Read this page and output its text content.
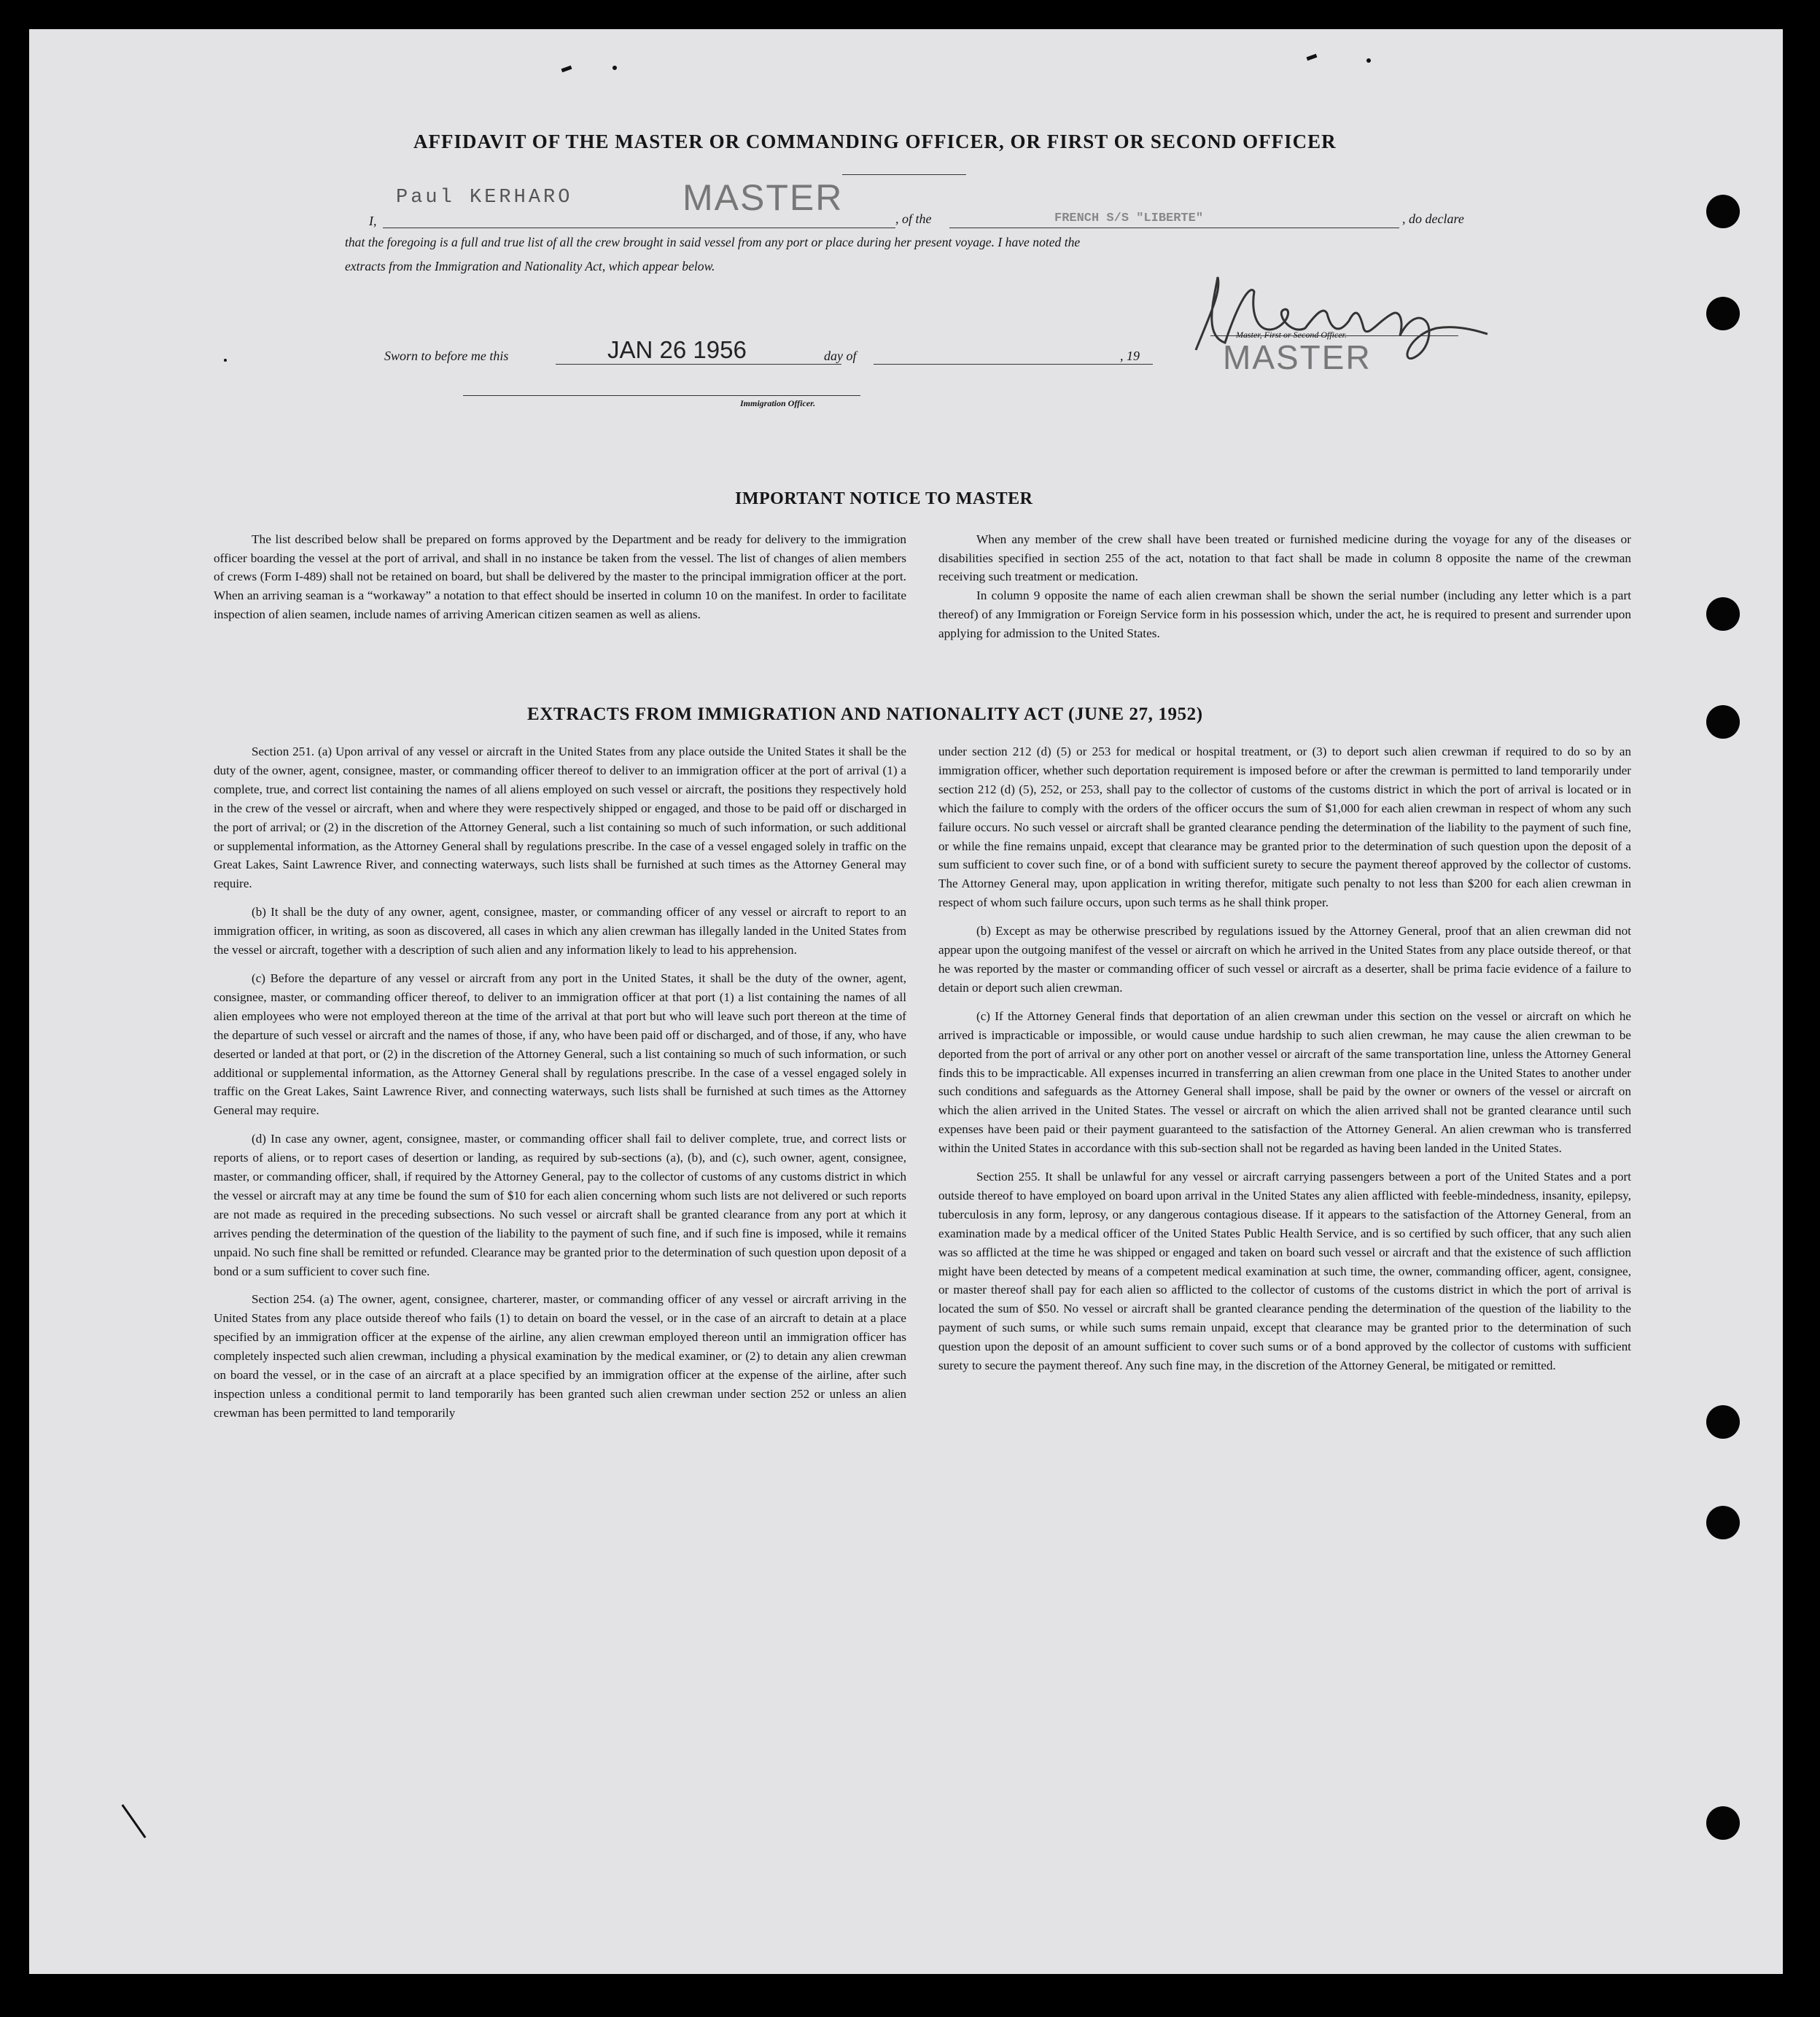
AFFIDAVIT OF THE MASTER OR COMMANDING OFFICER, OR FIRST OR SECOND OFFICER
I,
Paul KERHARO	MASTER
, of the	FRENCH S/S "LIBERTE"	, do declare
that the foregoing is a full and true list of all the crew brought in said vessel from any port or place during her present voyage. I have noted the
extracts from the Immigration and Nationality Act, which appear below.
Master, First or Second Officer.
MASTER
Sworn to before me this	JAN 26 1956	day of	, 19
Immigration Officer.
IMPORTANT NOTICE TO MASTER

The list described below shall be prepared on forms approved by the Department and be ready for delivery to the immigration officer boarding the vessel at the port of arrival, and shall in no instance be taken from the vessel. The list of changes of alien members of crews (Form I-489) shall not be retained on board, but shall be delivered by the master to the principal immigration officer at the port. When an arriving seaman is a “workaway” a notation to that effect should be inserted in column 10 on the manifest. In order to facilitate inspection of alien seamen, include names of arriving American citizen seamen as well as aliens.

When any member of the crew shall have been treated or furnished medicine during the voyage for any of the diseases or disabilities specified in section 255 of the act, notation to that fact shall be made in column 8 opposite the name of the crewman receiving such treatment or medication.

In column 9 opposite the name of each alien crewman shall be shown the serial number (including any letter which is a part thereof) of any Immigration or Foreign Service form in his possession which, under the act, he is required to present and surrender upon applying for admission to the United States.

EXTRACTS FROM IMMIGRATION AND NATIONALITY ACT (JUNE 27, 1952)

Section 251. (a) Upon arrival of any vessel or aircraft in the United States from any place outside the United States it shall be the duty of the owner, agent, consignee, master, or commanding officer thereof to deliver to an immigration officer at the port of arrival (1) a complete, true, and correct list containing the names of all aliens employed on such vessel or aircraft, the positions they respectively hold in the crew of the vessel or aircraft, when and where they were respectively shipped or engaged, and those to be paid off or discharged in the port of arrival; or (2) in the discretion of the Attorney General, such a list containing so much of such information, or such additional or supplemental information, as the Attorney General shall by regulations prescribe. In the case of a vessel engaged solely in traffic on the Great Lakes, Saint Lawrence River, and connecting waterways, such lists shall be furnished at such times as the Attorney General may require.

(b) It shall be the duty of any owner, agent, consignee, master, or commanding officer of any vessel or aircraft to report to an immigration officer, in writing, as soon as discovered, all cases in which any alien crewman has illegally landed in the United States from the vessel or aircraft, together with a description of such alien and any information likely to lead to his apprehension.

(c) Before the departure of any vessel or aircraft from any port in the United States, it shall be the duty of the owner, agent, consignee, master, or commanding officer thereof, to deliver to an immigration officer at that port (1) a list containing the names of all alien employees who were not employed thereon at the time of the arrival at that port but who will leave such port thereon at the time of the departure of such vessel or aircraft and the names of those, if any, who have been paid off or discharged, and of those, if any, who have deserted or landed at that port, or (2) in the discretion of the Attorney General, such a list containing so much of such information, or such additional or supplemental information, as the Attorney General shall by regulations prescribe. In the case of a vessel engaged solely in traffic on the Great Lakes, Saint Lawrence River, and connecting waterways, such lists shall be furnished at such times as the Attorney General may require.

(d) In case any owner, agent, consignee, master, or commanding officer shall fail to deliver complete, true, and correct lists or reports of aliens, or to report cases of desertion or landing, as required by sub-sections (a), (b), and (c), such owner, agent, consignee, master, or commanding officer, shall, if required by the Attorney General, pay to the collector of customs of any customs district in which the vessel or aircraft may at any time be found the sum of $10 for each alien concerning whom such lists are not delivered or such reports are not made as required in the preceding subsections. No such vessel or aircraft shall be granted clearance from any port at which it arrives pending the determination of the question of the liability to the payment of such fine, and if such fine is imposed, while it remains unpaid. No such fine shall be remitted or refunded. Clearance may be granted prior to the determination of such question upon deposit of a bond or a sum sufficient to cover such fine.

Section 254. (a) The owner, agent, consignee, charterer, master, or commanding officer of any vessel or aircraft arriving in the United States from any place outside thereof who fails (1) to detain on board the vessel, or in the case of an aircraft to detain at a place specified by an immigration officer at the expense of the airline, any alien crewman employed thereon until an immigration officer has completely inspected such alien crewman, including a physical examination by the medical examiner, or (2) to detain any alien crewman on board the vessel, or in the case of an aircraft at a place specified by an immigration officer at the expense of the airline, after such inspection unless a conditional permit to land temporarily has been granted such alien crewman under section 252 or unless an alien crewman has been permitted to land temporarily

under section 212 (d) (5) or 253 for medical or hospital treatment, or (3) to deport such alien crewman if required to do so by an immigration officer, whether such deportation requirement is imposed before or after the crewman is permitted to land temporarily under section 212 (d) (5), 252, or 253, shall pay to the collector of customs of the customs district in which the port of arrival is located or in which the failure to comply with the orders of the officer occurs the sum of $1,000 for each alien crewman in respect of whom any such failure occurs. No such vessel or aircraft shall be granted clearance pending the determination of the liability to the payment of such fine, or while the fine remains unpaid, except that clearance may be granted prior to the determination of such question upon the deposit of a sum sufficient to cover such fine, or of a bond with sufficient surety to secure the payment thereof approved by the collector of customs. The Attorney General may, upon application in writing therefor, mitigate such penalty to not less than $200 for each alien crewman in respect of whom such failure occurs, upon such terms as he shall think proper.

(b) Except as may be otherwise prescribed by regulations issued by the Attorney General, proof that an alien crewman did not appear upon the outgoing manifest of the vessel or aircraft on which he arrived in the United States from any place outside thereof, or that he was reported by the master or commanding officer of such vessel or aircraft as a deserter, shall be prima facie evidence of a failure to detain or deport such alien crewman.

(c) If the Attorney General finds that deportation of an alien crewman under this section on the vessel or aircraft on which he arrived is impracticable or impossible, or would cause undue hardship to such alien crewman, he may cause the alien crewman to be deported from the port of arrival or any other port on another vessel or aircraft of the same transportation line, unless the Attorney General finds this to be impracticable. All expenses incurred in transferring an alien crewman from one place in the United States to another under such conditions and safeguards as the Attorney General shall impose, shall be paid by the owner or owners of the vessel or aircraft on which the alien arrived in the United States. The vessel or aircraft on which the alien arrived shall not be granted clearance until such expenses have been paid or their payment guaranteed to the satisfaction of the Attorney General. An alien crewman who is transferred within the United States in accordance with this sub-section shall not be regarded as having been landed in the United States.

Section 255. It shall be unlawful for any vessel or aircraft carrying passengers between a port of the United States and a port outside thereof to have employed on board upon arrival in the United States any alien afflicted with feeble-mindedness, insanity, epilepsy, tuberculosis in any form, leprosy, or any dangerous contagious disease. If it appears to the satisfaction of the Attorney General, from an examination made by a medical officer of the United States Public Health Service, and is so certified by such officer, that any such alien was so afflicted at the time he was shipped or engaged and taken on board such vessel or aircraft and that the existence of such affliction might have been detected by means of a competent medical examination at such time, the owner, commanding officer, agent, consignee, or master thereof shall pay for each alien so afflicted to the collector of customs of the customs district in which the port of arrival is located the sum of $50. No vessel or aircraft shall be granted clearance pending the determination of the question of the liability to the payment of such sums, or while such sums remain unpaid, except that clearance may be granted prior to the determination of such question upon the deposit of an amount sufficient to cover such sums or of a bond approved by the collector of customs with sufficient surety to secure the payment thereof. Any such fine may, in the discretion of the Attorney General, be mitigated or remitted.
